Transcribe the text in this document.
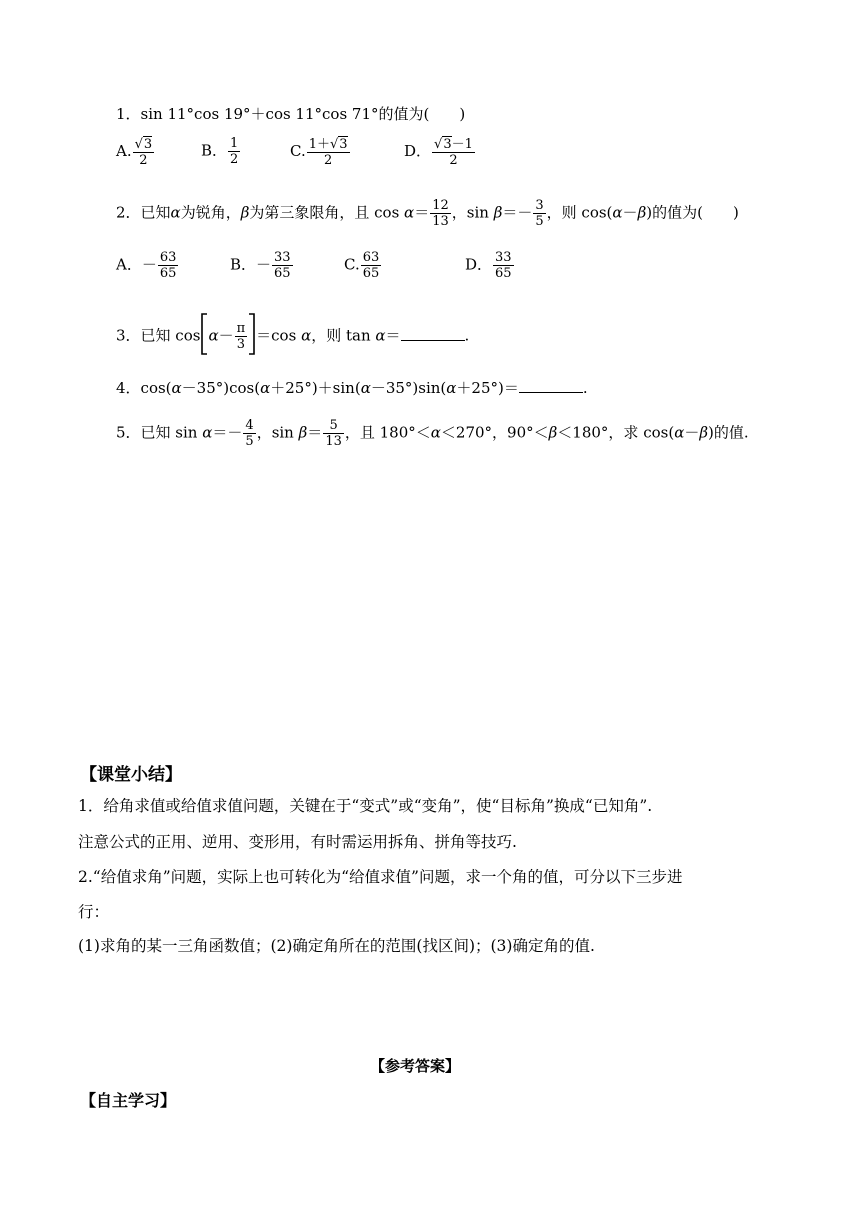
1．sin 11°cos 19°＋cos 11°cos 71°的值为(　　)
A. $\frac{√3}{2}$	B． $\frac{1}{2}$	C. $\frac{1+√3}{2}$	D． $\frac{√3-1}{2}$
2．已知α为锐角，β为第三象限角，且 $\cos \alpha= \frac{12}{13}$ ，$\sin \beta=- \frac{3}{5}$ ，则 cos(α－β)的值为(　　)
A．－ $\frac{63}{65}$	B．－ $\frac{33}{65}$	C. $\frac{63}{65}$	D． $\frac{33}{65}$
3．已知 $\cos \alpha- \frac{\pi}{3} =\cos$ α，则 tan α＝	.
4．cos(α－35°)cos(α＋25°)＋sin(α－35°)sin(α＋25°)＝	.
5．已知 $\sin \alpha=- \frac{4}{5}$ ，$\sin \beta= \frac{5}{13}$ ，且 180°＜α＜270°，90°＜β＜180°，求 cos(α－β)的值.
【课堂小结】
1．给角求值或给值求值问题，关键在于“变式”或“变角”，使“目标角”换成“已知角”.
注意公式的正用、逆用、变形用，有时需运用拆角、拼角等技巧.
2.“给值求角”问题，实际上也可转化为“给值求值”问题，求一个角的值，可分以下三步进
行：
(1)求角的某一三角函数值；(2)确定角所在的范围(找区间)；(3)确定角的值.
【参考答案】
【自主学习】
